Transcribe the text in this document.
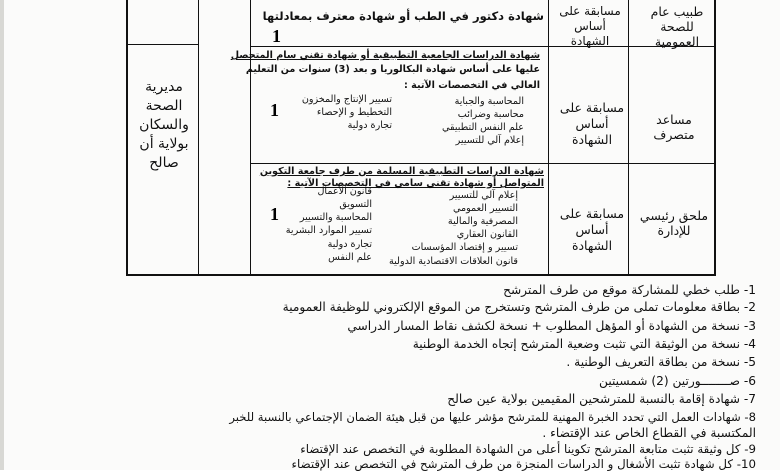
طبيب عام للصحة العمومية
مسابقة على أساس الشهادة
شهادة دكتور في الطب أو شهادة معترف بمعادلتها
1
مديرية الصحة والسكان بولاية أن صالح
مساعد متصرف
مسابقة على أساس الشهادة
1
شهادة الدراسات الجامعية التطبيقية أو شهادة تقني سام المتحصل
عليها على أساس شهادة البكالوريا و بعد (3) سنوات من التعليم
العالي في التخصصات الآتية :
المحاسبة والجباية
محاسبة وضرائب
علم النفس التطبيقي
إعلام آلي للتسيير
تسيير الإنتاج والمخزون
التخطيط و الإحصاء
تجارة دولية
ملحق رئيسي للإدارة
مسابقة على أساس الشهادة
1
شهادة الدراسات التطبيقية المسلمة من طرف جامعة التكوين
المتواصل أو شهادة تقني سامي في التخصصات الآتية :
إعلام آلي للتسيير
التسيير العمومي
المصرفية والمالية
القانون العقاري
تسيير و إقتصاد المؤسسات
قانون العلاقات الاقتصادية الدولية
قانون الأعمال
التسويق
المحاسبة والتسيير
تسيير الموارد البشرية
تجارة دولية
علم النفس
1- طلب خطي للمشاركة موقع من طرف المترشح
2- بطاقة معلومات تملى من طرف المترشح وتستخرج من الموقع الإلكتروني للوظيفة العمومية
3- نسخة من الشهادة أو المؤهل المطلوب + نسخة لكشف نقاط المسار الدراسي
4- نسخة من الوثيقة التي تثبت وضعية المترشح إتجاه الخدمة الوطنية
5- نسخة من بطاقة التعريف الوطنية .
6- صــــــــورتين (2) شمسيتين
7- شهادة إقامة بالنسبة للمترشحين المقيمين بولاية عين صالح
8- شهادات العمل التي تحدد الخبرة المهنية للمترشح مؤشر عليها من قبل هيئة الضمان الإجتماعي بالنسبة للخبر
المكتسبة في القطاع الخاص عند الإقتضاء .
9- كل وثيقة تثبت متابعة المترشح تكوينا أعلى من الشهادة المطلوبة في التخصص عند الإقتضاء
10- كل شهادة تثبت الأشغال و الدراسات المنجزة من طرف المترشح في التخصص عند الإقتضاء
